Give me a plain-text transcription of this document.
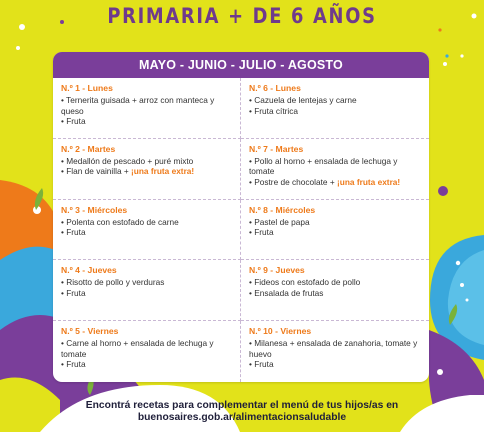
PRIMARIA + DE 6 AÑOS
MAYO - JUNIO - JULIO - AGOSTO
N.º 1 - Lunes
• Ternerita guisada + arroz con manteca y queso
• Fruta
N.º 6 - Lunes
• Cazuela de lentejas y carne
• Fruta cítrica
N.º 2 - Martes
• Medallón de pescado + puré mixto
• Flan de vainilla + ¡una fruta extra!
N.º 7 - Martes
• Pollo al horno + ensalada de lechuga y tomate
• Postre de chocolate + ¡una fruta extra!
N.º 3 - Miércoles
• Polenta con estofado de carne
• Fruta
N.º 8 - Miércoles
• Pastel de papa
• Fruta
N.º 4 - Jueves
• Risotto de pollo y verduras
• Fruta
N.º 9 - Jueves
• Fideos con estofado de pollo
• Ensalada de frutas
N.º 5 - Viernes
• Carne al horno + ensalada de lechuga y tomate
• Fruta
N.º 10 - Viernes
• Milanesa + ensalada de zanahoria, tomate y huevo
• Fruta
Encontrá recetas para complementar el menú de tus hijos/as en
buenosaires.gob.ar/alimentacionsaludable
